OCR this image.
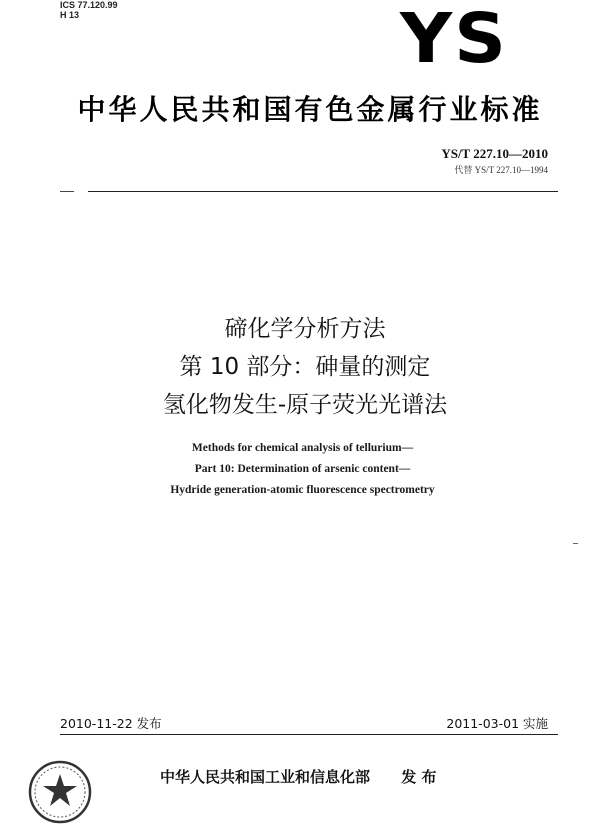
ICS 77.120.99
H 13	YS
中华人民共和国有色金属行业标准
YS/T 227.10—2010
代替 YS/T 227.10—1994
碲化学分析方法
第 10 部分：砷量的测定
氢化物发生-原子荧光光谱法
Methods for chemical analysis of tellurium—
Part 10: Determination of arsenic content—
Hydride generation-atomic fluorescence spectrometry
2010-11-22 发布	2011-03-01 实施
中华人民共和国工业和信息化部 发 布
